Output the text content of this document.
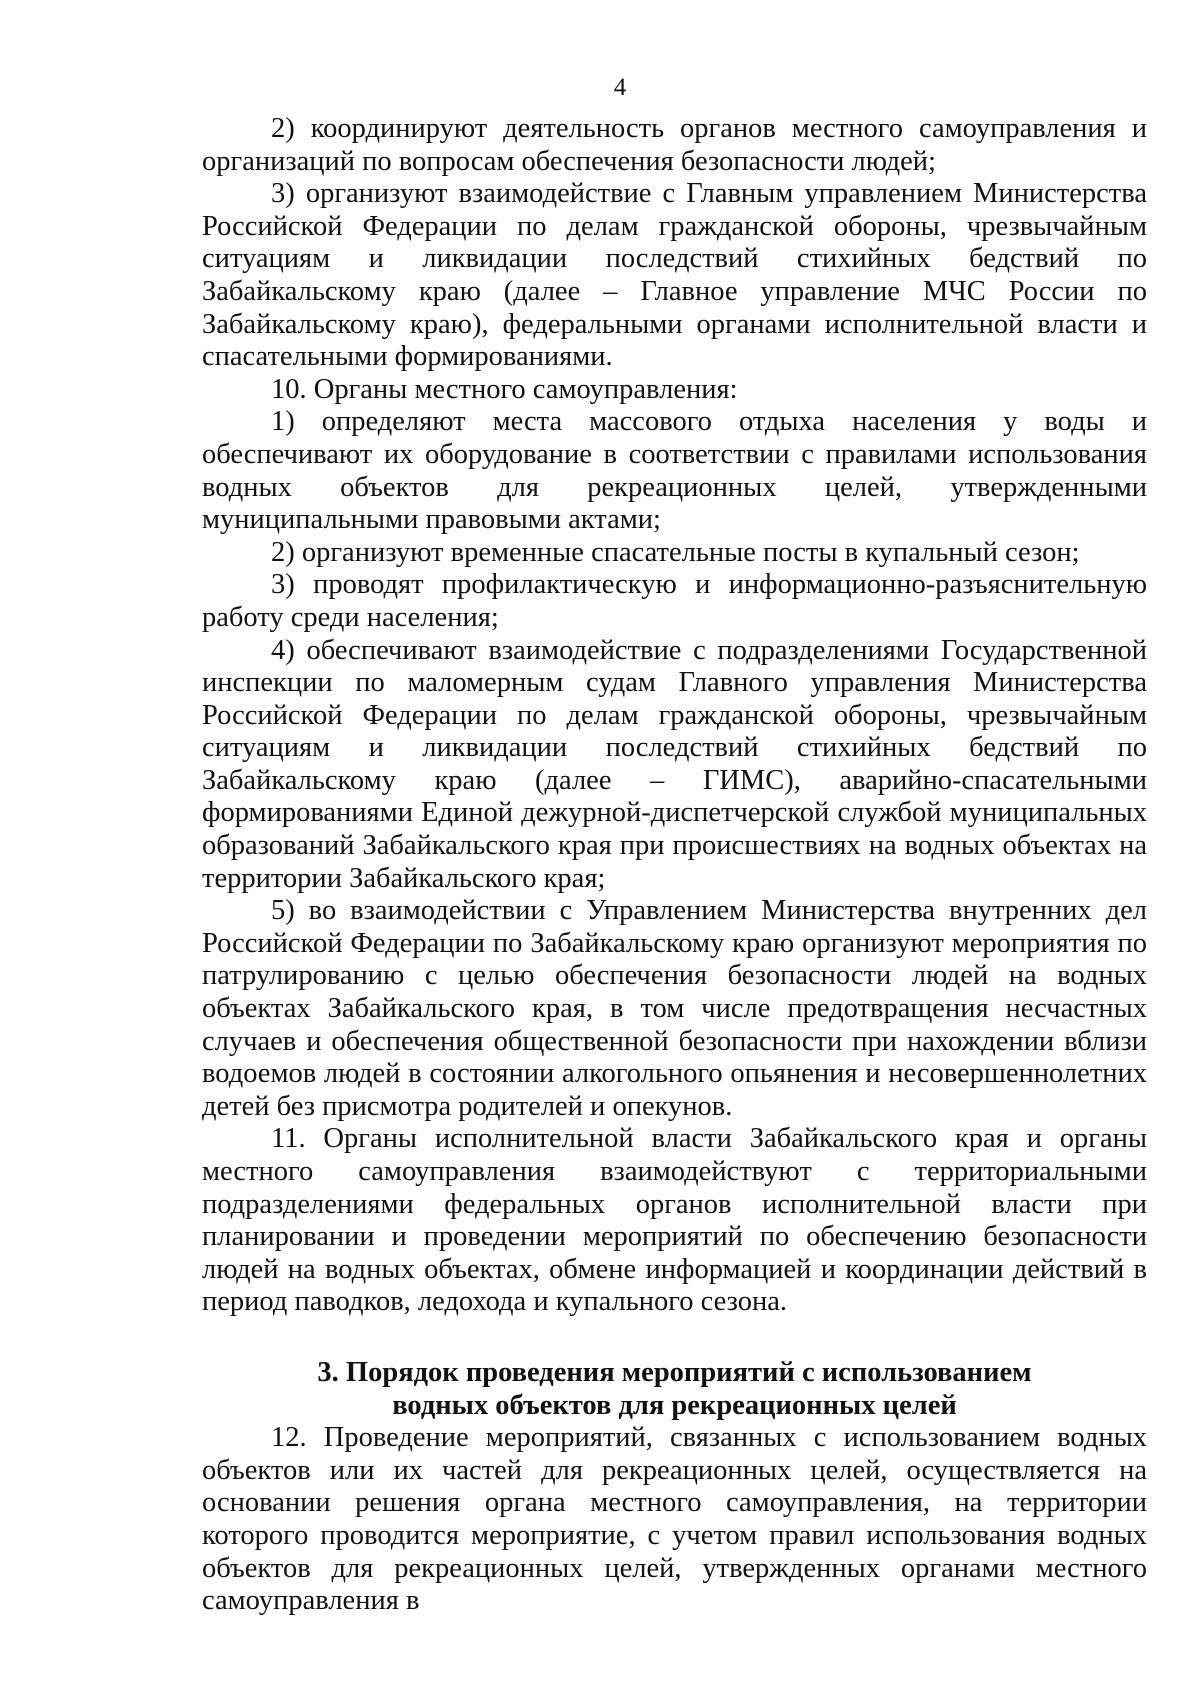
4

2) координируют деятельность органов местного самоуправления и организаций по вопросам обеспечения безопасности людей;

3) организуют взаимодействие с Главным управлением Министерства Российской Федерации по делам гражданской обороны, чрезвычайным ситуациям и ликвидации последствий стихийных бедствий по Забайкальскому краю (далее – Главное управление МЧС России по Забайкальскому краю), федеральными органами исполнительной власти и спасательными формированиями.

10. Органы местного самоуправления:

1) определяют места массового отдыха населения у воды и обеспечивают их оборудование в соответствии с правилами использования водных объектов для рекреационных целей, утвержденными муниципальными правовыми актами;

2) организуют временные спасательные посты в купальный сезон;

3) проводят профилактическую и информационно-разъяснительную работу среди населения;

4) обеспечивают взаимодействие с подразделениями Государственной инспекции по маломерным судам Главного управления Министерства Российской Федерации по делам гражданской обороны, чрезвычайным ситуациям и ликвидации последствий стихийных бедствий по Забайкальскому краю (далее – ГИМС), аварийно-спасательными формированиями Единой дежурной-диспетчерской службой муниципальных образований Забайкальского края при происшествиях на водных объектах на территории Забайкальского края;

5) во взаимодействии с Управлением Министерства внутренних дел Российской Федерации по Забайкальскому краю организуют мероприятия по патрулированию с целью обеспечения безопасности людей на водных объектах Забайкальского края, в том числе предотвращения несчастных случаев и обеспечения общественной безопасности при нахождении вблизи водоемов людей в состоянии алкогольного опьянения и несовершеннолетних детей без присмотра родителей и опекунов.

11. Органы исполнительной власти Забайкальского края и органы местного самоуправления взаимодействуют с территориальными подразделениями федеральных органов исполнительной власти при планировании и проведении мероприятий по обеспечению безопасности людей на водных объектах, обмене информацией и координации действий в период паводков, ледохода и купального сезона.

3. Порядок проведения мероприятий с использованием
водных объектов для рекреационных целей

12. Проведение мероприятий, связанных с использованием водных объектов или их частей для рекреационных целей, осуществляется на основании решения органа местного самоуправления, на территории которого проводится мероприятие, с учетом правил использования водных объектов для рекреационных целей, утвержденных органами местного самоуправления в
